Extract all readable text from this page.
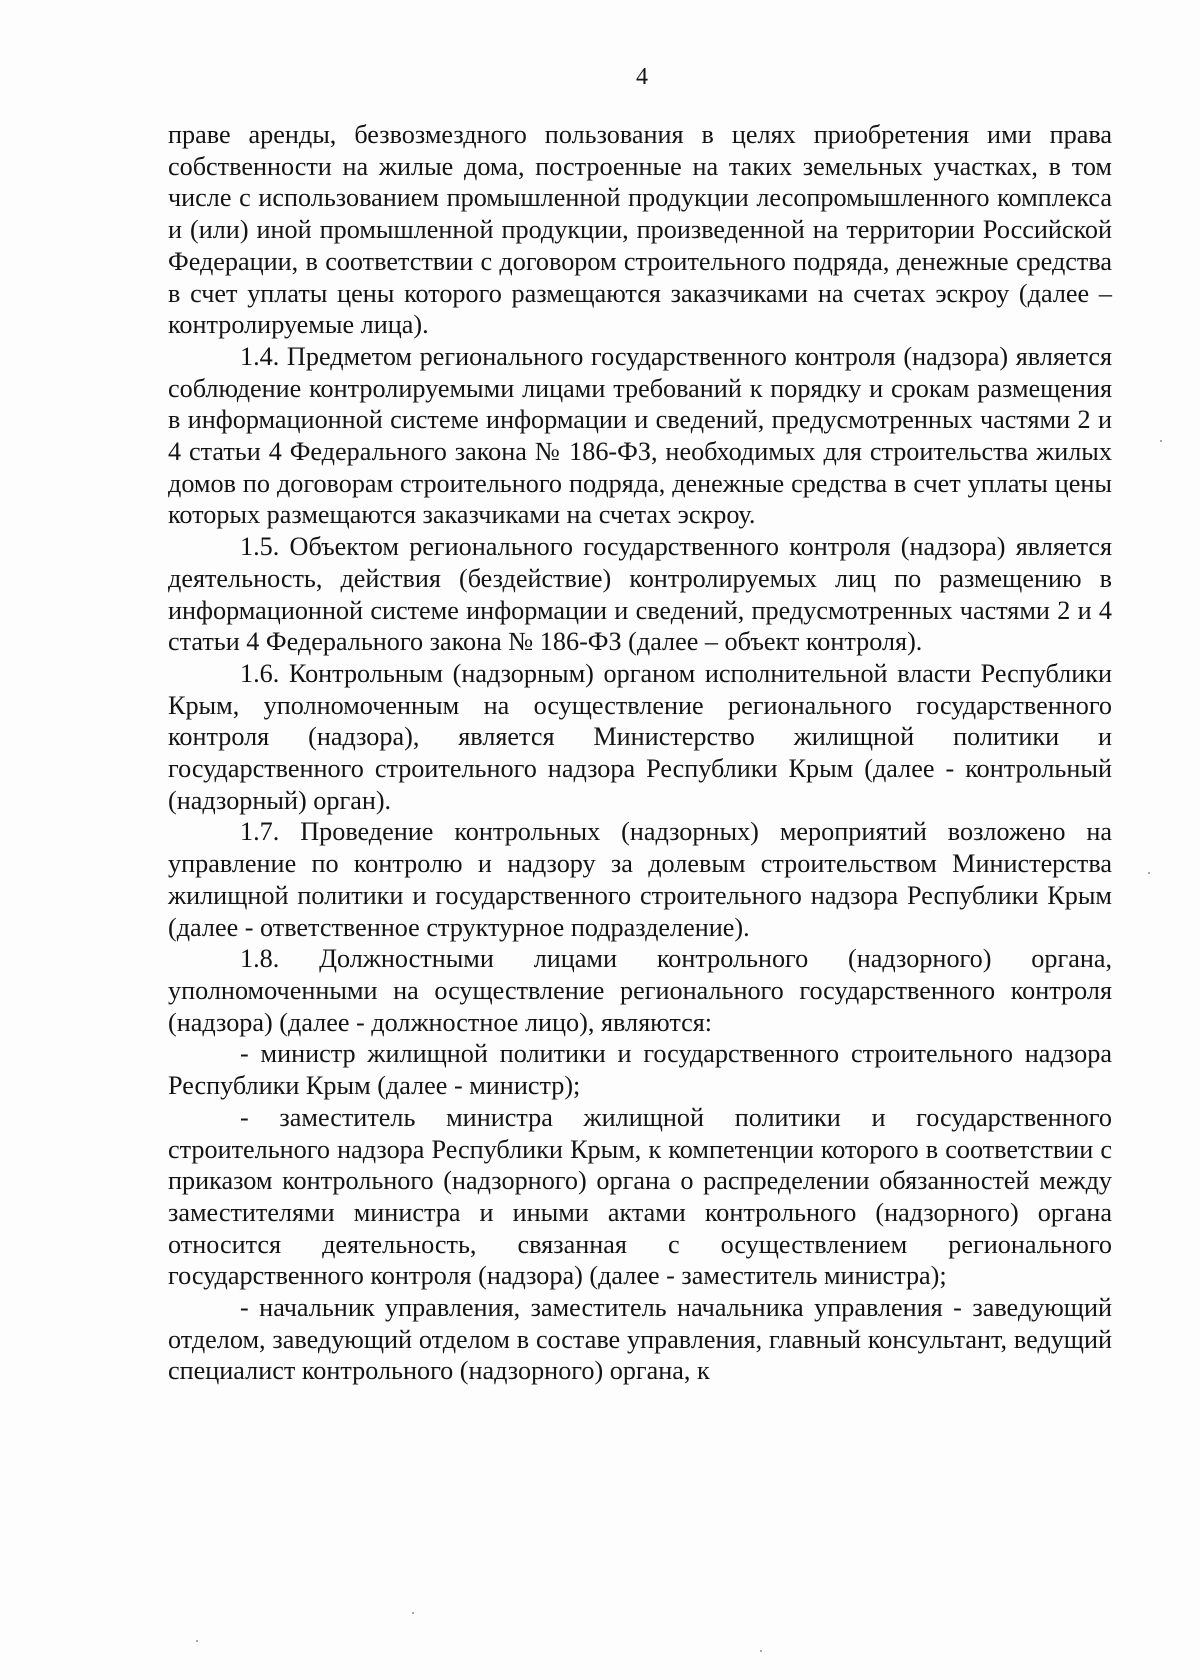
4

праве аренды, безвозмездного пользования в целях приобретения ими права собственности на жилые дома, построенные на таких земельных участках, в том числе с использованием промышленной продукции лесопромышленного комплекса и (или) иной промышленной продукции, произведенной на территории Российской Федерации, в соответствии с договором строительного подряда, денежные средства в счет уплаты цены которого размещаются заказчиками на счетах эскроу (далее – контролируемые лица).

1.4. Предметом регионального государственного контроля (надзора) является соблюдение контролируемыми лицами требований к порядку и срокам размещения в информационной системе информации и сведений, предусмотренных частями 2 и 4 статьи 4 Федерального закона № 186-ФЗ, необходимых для строительства жилых домов по договорам строительного подряда, денежные средства в счет уплаты цены которых размещаются заказчиками на счетах эскроу.

1.5. Объектом регионального государственного контроля (надзора) является деятельность, действия (бездействие) контролируемых лиц по размещению в информационной системе информации и сведений, предусмотренных частями 2 и 4 статьи 4 Федерального закона № 186-ФЗ (далее – объект контроля).

1.6. Контрольным (надзорным) органом исполнительной власти Республики Крым, уполномоченным на осуществление регионального государственного контроля (надзора), является Министерство жилищной политики и государственного строительного надзора Республики Крым (далее - контрольный (надзорный) орган).

1.7. Проведение контрольных (надзорных) мероприятий возложено на управление по контролю и надзору за долевым строительством Министерства жилищной политики и государственного строительного надзора Республики Крым (далее - ответственное структурное подразделение).

1.8. Должностными лицами контрольного (надзорного) органа, уполномоченными на осуществление регионального государственного контроля (надзора) (далее - должностное лицо), являются:

- министр жилищной политики и государственного строительного надзора Республики Крым (далее - министр);

- заместитель министра жилищной политики и государственного строительного надзора Республики Крым, к компетенции которого в соответствии с приказом контрольного (надзорного) органа о распределении обязанностей между заместителями министра и иными актами контрольного (надзорного) органа относится деятельность, связанная с осуществлением регионального государственного контроля (надзора) (далее - заместитель министра);

- начальник управления, заместитель начальника управления - заведующий отделом, заведующий отделом в составе управления, главный консультант, ведущий специалист контрольного (надзорного) органа, к
